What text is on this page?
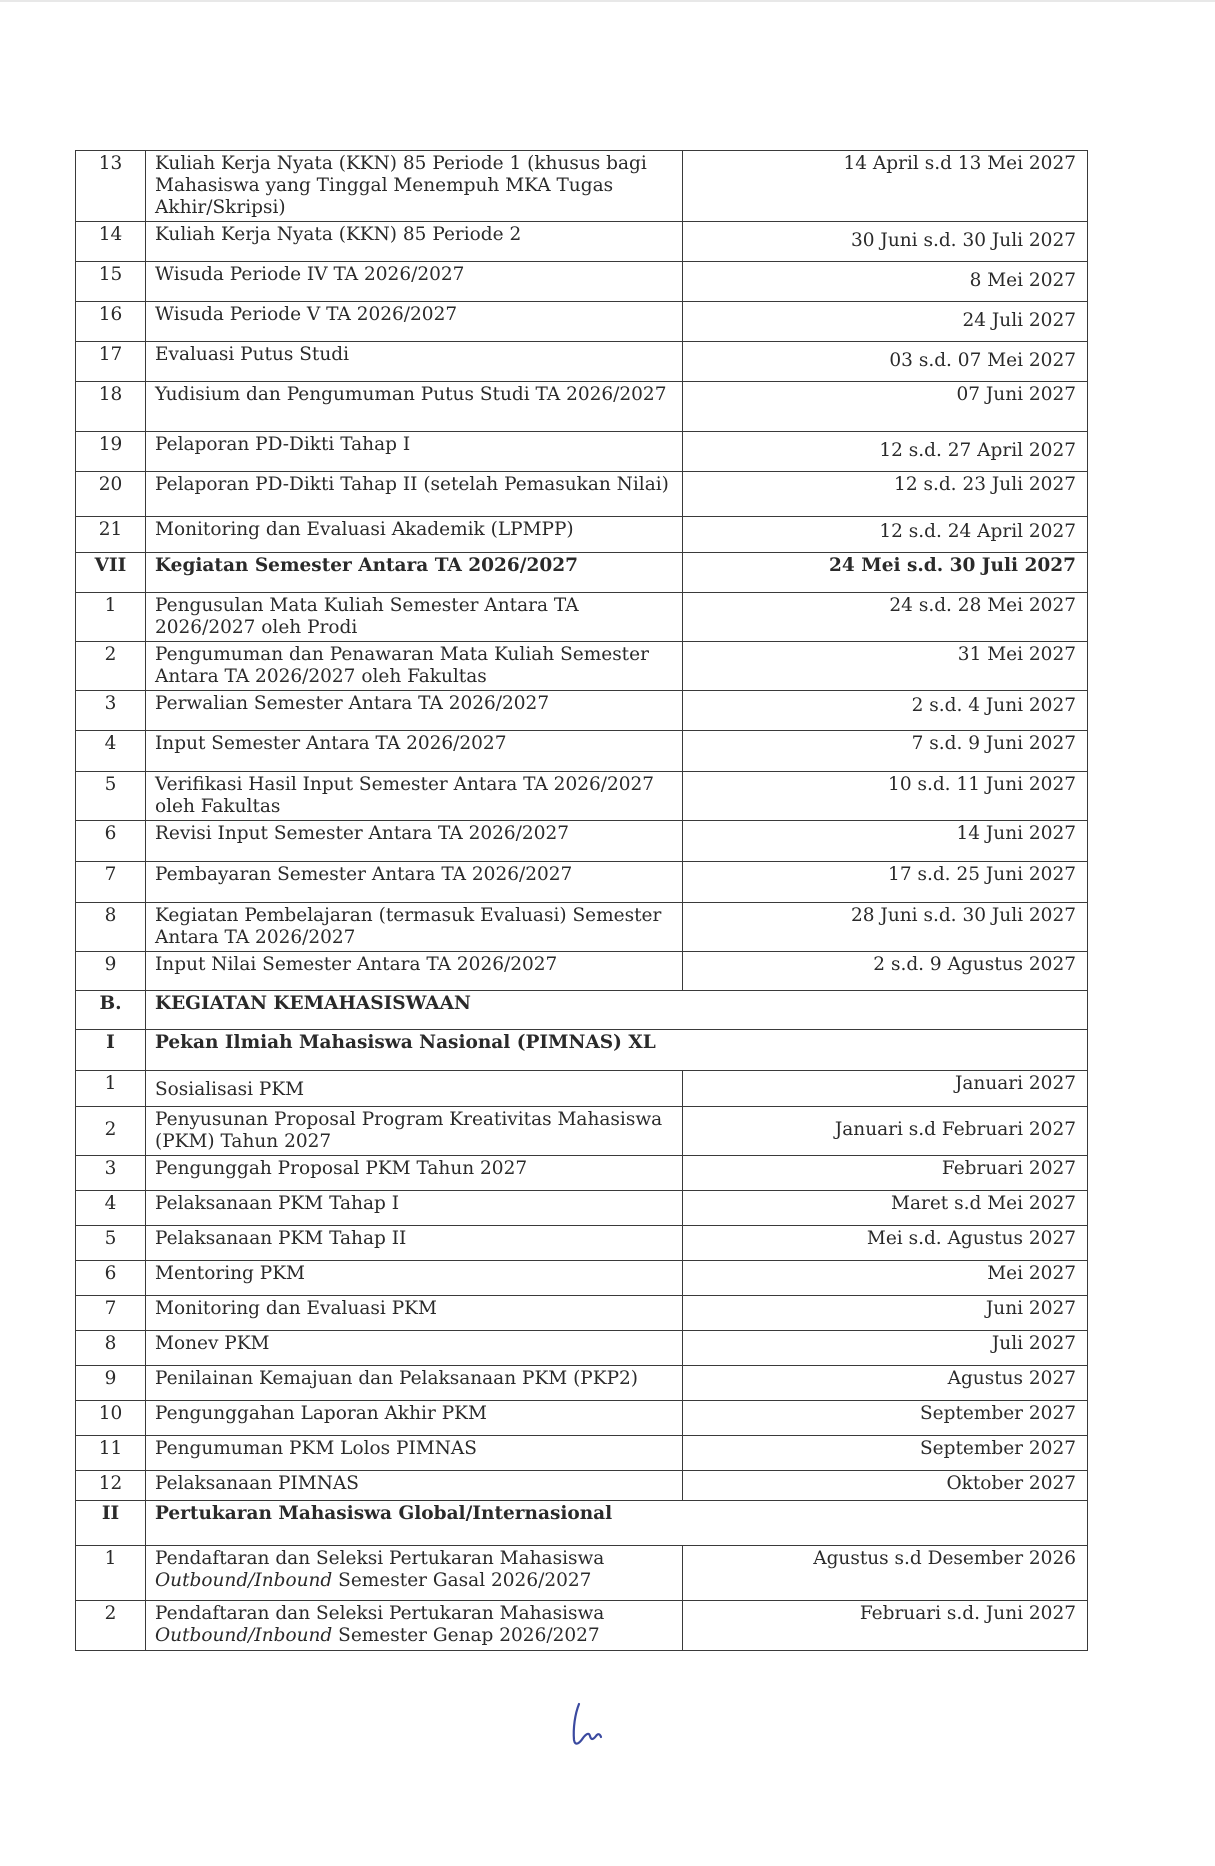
13	Kuliah Kerja Nyata (KKN) 85 Periode 1 (khusus bagi Mahasiswa yang Tinggal Menempuh MKA Tugas Akhir/Skripsi)	14 April s.d 13 Mei 2027
14	Kuliah Kerja Nyata (KKN) 85 Periode 2	30 Juni s.d. 30 Juli 2027
15	Wisuda Periode IV TA 2026/2027	8 Mei 2027
16	Wisuda Periode V TA 2026/2027	24 Juli 2027
17	Evaluasi Putus Studi	03 s.d. 07 Mei 2027
18	Yudisium dan Pengumuman Putus Studi TA 2026/2027	07 Juni 2027
19	Pelaporan PD-Dikti Tahap I	12 s.d. 27 April 2027
20	Pelaporan PD-Dikti Tahap II (setelah Pemasukan Nilai)	12 s.d. 23 Juli 2027
21	Monitoring dan Evaluasi Akademik (LPMPP)	12 s.d. 24 April 2027
VII	Kegiatan Semester Antara TA 2026/2027	24 Mei s.d. 30 Juli 2027
1	Pengusulan Mata Kuliah Semester Antara TA 2026/2027 oleh Prodi	24 s.d. 28 Mei 2027
2	Pengumuman dan Penawaran Mata Kuliah Semester Antara TA 2026/2027 oleh Fakultas	31 Mei 2027
3	Perwalian Semester Antara TA 2026/2027	2 s.d. 4 Juni 2027
4	Input Semester Antara TA 2026/2027	7 s.d. 9 Juni 2027
5	Verifikasi Hasil Input Semester Antara TA 2026/2027 oleh Fakultas	10 s.d. 11 Juni 2027
6	Revisi Input Semester Antara TA 2026/2027	14 Juni 2027
7	Pembayaran Semester Antara TA 2026/2027	17 s.d. 25 Juni 2027
8	Kegiatan Pembelajaran (termasuk Evaluasi) Semester Antara TA 2026/2027	28 Juni s.d. 30 Juli 2027
9	Input Nilai Semester Antara TA 2026/2027	2 s.d. 9 Agustus 2027
B.	KEGIATAN KEMAHASISWAAN	
I	Pekan Ilmiah Mahasiswa Nasional (PIMNAS) XL	
1	Sosialisasi PKM	Januari 2027
2	Penyusunan Proposal Program Kreativitas Mahasiswa (PKM) Tahun 2027	Januari s.d Februari 2027
3	Pengunggah Proposal PKM Tahun 2027	Februari 2027
4	Pelaksanaan PKM Tahap I	Maret s.d Mei 2027
5	Pelaksanaan PKM Tahap II	Mei s.d. Agustus 2027
6	Mentoring PKM	Mei 2027
7	Monitoring dan Evaluasi PKM	Juni 2027
8	Monev PKM	Juli 2027
9	Penilainan Kemajuan dan Pelaksanaan PKM (PKP2)	Agustus 2027
10	Pengunggahan Laporan Akhir PKM	September 2027
11	Pengumuman PKM Lolos PIMNAS	September 2027
12	Pelaksanaan PIMNAS	Oktober 2027
II	Pertukaran Mahasiswa Global/Internasional	
1	Pendaftaran dan Seleksi Pertukaran Mahasiswa Outbound/Inbound Semester Gasal 2026/2027	Agustus s.d Desember 2026
2	Pendaftaran dan Seleksi Pertukaran Mahasiswa Outbound/Inbound Semester Genap 2026/2027	Februari s.d. Juni 2027
